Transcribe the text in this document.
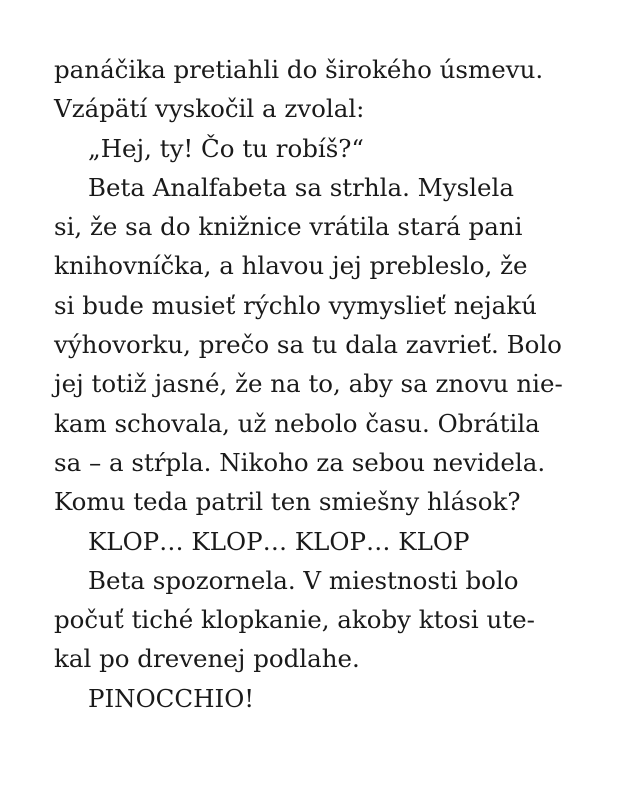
panáčika pretiahli do širokého úsmevu.
Vzápätí vyskočil a zvolal:
„Hej, ty! Čo tu robíš?“
Beta Analfabeta sa strhla. Myslela
si, že sa do knižnice vrátila stará pani
knihovníčka, a hlavou jej prebleslo, že
si bude musieť rýchlo vymyslieť nejakú
výhovorku, prečo sa tu dala zavrieť. Bolo
jej totiž jasné, že na to, aby sa znovu nie-
kam schovala, už nebolo času. Obrátila
sa – a stŕpla. Nikoho za sebou nevidela.
Komu teda patril ten smiešny hlások?
KLOP… KLOP… KLOP… KLOP
Beta spozornela. V miestnosti bolo
počuť tiché klopkanie, akoby ktosi ute-
kal po drevenej podlahe.
PINOCCHIO!
